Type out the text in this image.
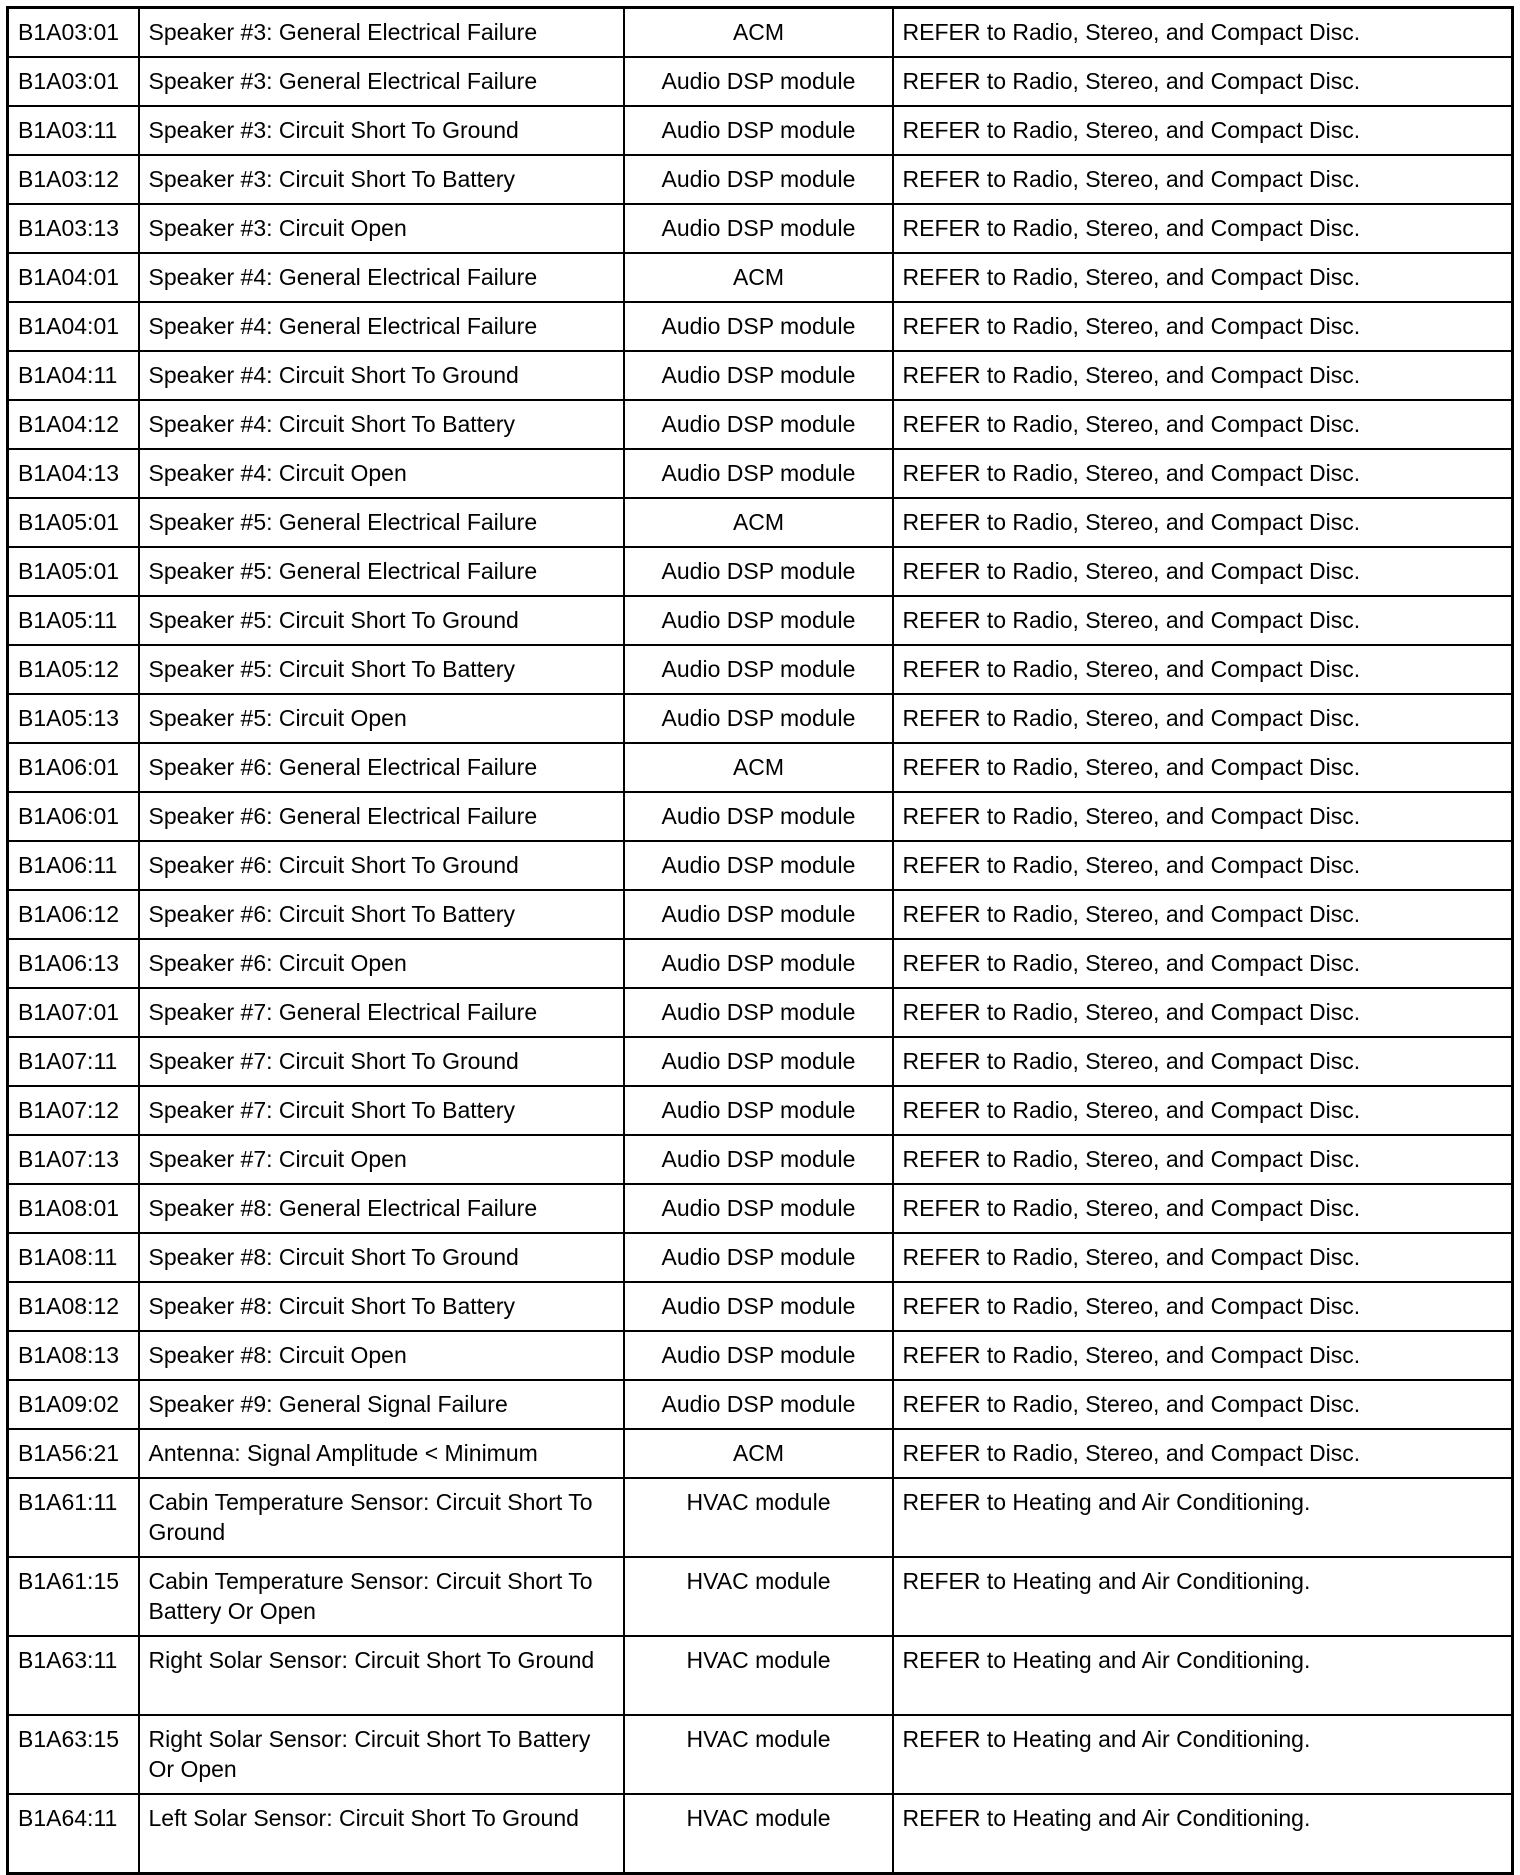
B1A03:01	Speaker #3: General Electrical Failure	ACM	REFER to Radio, Stereo, and Compact Disc.
B1A03:01	Speaker #3: General Electrical Failure	Audio DSP module	REFER to Radio, Stereo, and Compact Disc.
B1A03:11	Speaker #3: Circuit Short To Ground	Audio DSP module	REFER to Radio, Stereo, and Compact Disc.
B1A03:12	Speaker #3: Circuit Short To Battery	Audio DSP module	REFER to Radio, Stereo, and Compact Disc.
B1A03:13	Speaker #3: Circuit Open	Audio DSP module	REFER to Radio, Stereo, and Compact Disc.
B1A04:01	Speaker #4: General Electrical Failure	ACM	REFER to Radio, Stereo, and Compact Disc.
B1A04:01	Speaker #4: General Electrical Failure	Audio DSP module	REFER to Radio, Stereo, and Compact Disc.
B1A04:11	Speaker #4: Circuit Short To Ground	Audio DSP module	REFER to Radio, Stereo, and Compact Disc.
B1A04:12	Speaker #4: Circuit Short To Battery	Audio DSP module	REFER to Radio, Stereo, and Compact Disc.
B1A04:13	Speaker #4: Circuit Open	Audio DSP module	REFER to Radio, Stereo, and Compact Disc.
B1A05:01	Speaker #5: General Electrical Failure	ACM	REFER to Radio, Stereo, and Compact Disc.
B1A05:01	Speaker #5: General Electrical Failure	Audio DSP module	REFER to Radio, Stereo, and Compact Disc.
B1A05:11	Speaker #5: Circuit Short To Ground	Audio DSP module	REFER to Radio, Stereo, and Compact Disc.
B1A05:12	Speaker #5: Circuit Short To Battery	Audio DSP module	REFER to Radio, Stereo, and Compact Disc.
B1A05:13	Speaker #5: Circuit Open	Audio DSP module	REFER to Radio, Stereo, and Compact Disc.
B1A06:01	Speaker #6: General Electrical Failure	ACM	REFER to Radio, Stereo, and Compact Disc.
B1A06:01	Speaker #6: General Electrical Failure	Audio DSP module	REFER to Radio, Stereo, and Compact Disc.
B1A06:11	Speaker #6: Circuit Short To Ground	Audio DSP module	REFER to Radio, Stereo, and Compact Disc.
B1A06:12	Speaker #6: Circuit Short To Battery	Audio DSP module	REFER to Radio, Stereo, and Compact Disc.
B1A06:13	Speaker #6: Circuit Open	Audio DSP module	REFER to Radio, Stereo, and Compact Disc.
B1A07:01	Speaker #7: General Electrical Failure	Audio DSP module	REFER to Radio, Stereo, and Compact Disc.
B1A07:11	Speaker #7: Circuit Short To Ground	Audio DSP module	REFER to Radio, Stereo, and Compact Disc.
B1A07:12	Speaker #7: Circuit Short To Battery	Audio DSP module	REFER to Radio, Stereo, and Compact Disc.
B1A07:13	Speaker #7: Circuit Open	Audio DSP module	REFER to Radio, Stereo, and Compact Disc.
B1A08:01	Speaker #8: General Electrical Failure	Audio DSP module	REFER to Radio, Stereo, and Compact Disc.
B1A08:11	Speaker #8: Circuit Short To Ground	Audio DSP module	REFER to Radio, Stereo, and Compact Disc.
B1A08:12	Speaker #8: Circuit Short To Battery	Audio DSP module	REFER to Radio, Stereo, and Compact Disc.
B1A08:13	Speaker #8: Circuit Open	Audio DSP module	REFER to Radio, Stereo, and Compact Disc.
B1A09:02	Speaker #9: General Signal Failure	Audio DSP module	REFER to Radio, Stereo, and Compact Disc.
B1A56:21	Antenna: Signal Amplitude < Minimum	ACM	REFER to Radio, Stereo, and Compact Disc.
B1A61:11	Cabin Temperature Sensor: Circuit Short To Ground	HVAC module	REFER to Heating and Air Conditioning.
B1A61:15	Cabin Temperature Sensor: Circuit Short To Battery Or Open	HVAC module	REFER to Heating and Air Conditioning.
B1A63:11	Right Solar Sensor: Circuit Short To Ground	HVAC module	REFER to Heating and Air Conditioning.
B1A63:15	Right Solar Sensor: Circuit Short To Battery Or Open	HVAC module	REFER to Heating and Air Conditioning.
B1A64:11	Left Solar Sensor: Circuit Short To Ground	HVAC module	REFER to Heating and Air Conditioning.
